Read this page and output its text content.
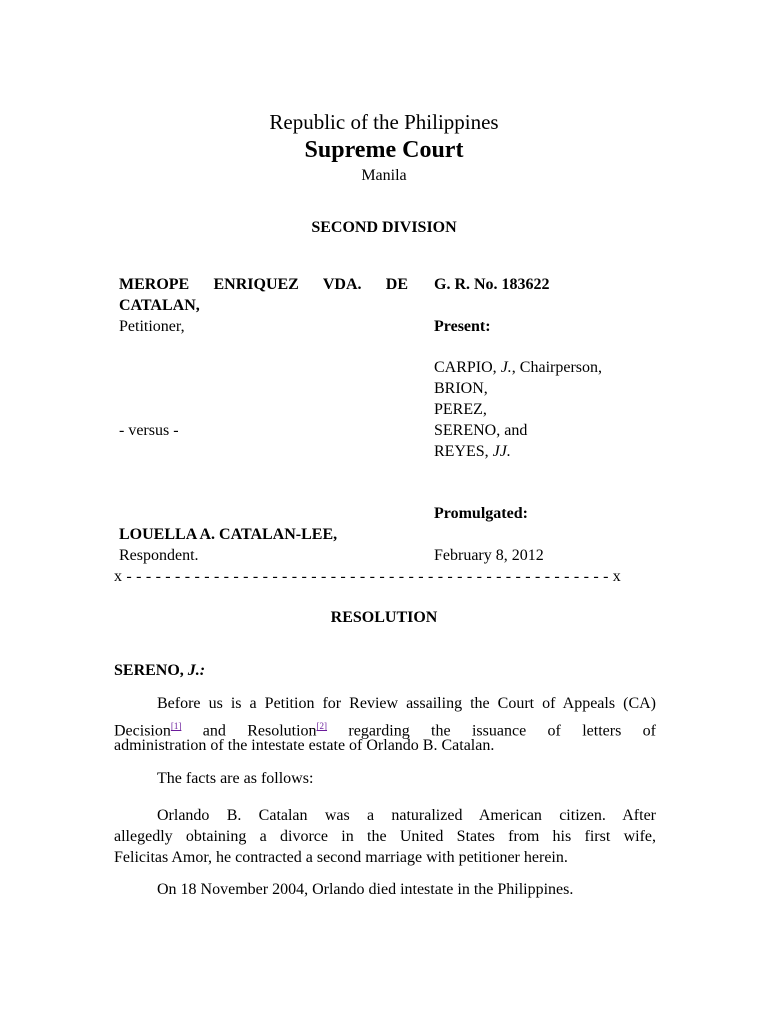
Republic of the Philippines
Supreme Court
Manila
SECOND DIVISION
MEROPE ENRIQUEZ VDA. DE
CATALAN,
Petitioner,
- versus -
LOUELLA A. CATALAN-LEE,
Respondent.
G. R. No. 183622
Present:
CARPIO, J., Chairperson,
BRION,
PEREZ,
SERENO, and
REYES, JJ.
Promulgated:
February 8, 2012
x - - - - - - - - - - - - - - - - - - - - - - - - - - - - - - - - - - - - - - - - - - - - - - - - - - x
RESOLUTION
SERENO, J.:
Before us is a Petition for Review assailing the Court of Appeals (CA)
Decision[1] and Resolution[2] regarding the issuance of letters of
administration of the intestate estate of Orlando B. Catalan.
The facts are as follows:
Orlando B. Catalan was a naturalized American citizen. After
allegedly obtaining a divorce in the United States from his first wife,
Felicitas Amor, he contracted a second marriage with petitioner herein.
On 18 November 2004, Orlando died intestate in the Philippines.
